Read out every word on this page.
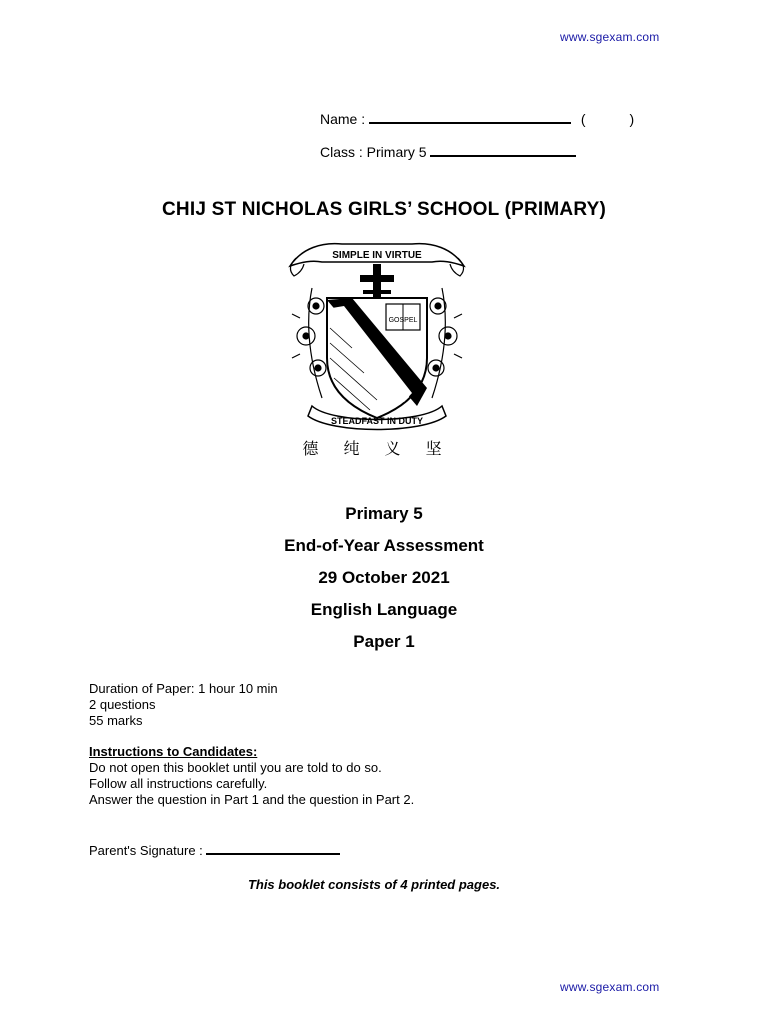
www.sgexam.com
Name :	(	)
Class : Primary 5
CHIJ ST NICHOLAS GIRLS’ SCHOOL (PRIMARY)
SIMPLE IN VIRTUE
GOSPEL
STEADFAST IN DUTY
德 纯 义 坚
Primary 5
End-of-Year Assessment
29 October 2021
English Language
Paper 1
Duration of Paper: 1 hour 10 min
2 questions
55 marks
Instructions to Candidates:
Do not open this booklet until you are told to do so.
Follow all instructions carefully.
Answer the question in Part 1 and the question in Part 2.
Parent's Signature :
This booklet consists of 4 printed pages.
www.sgexam.com
